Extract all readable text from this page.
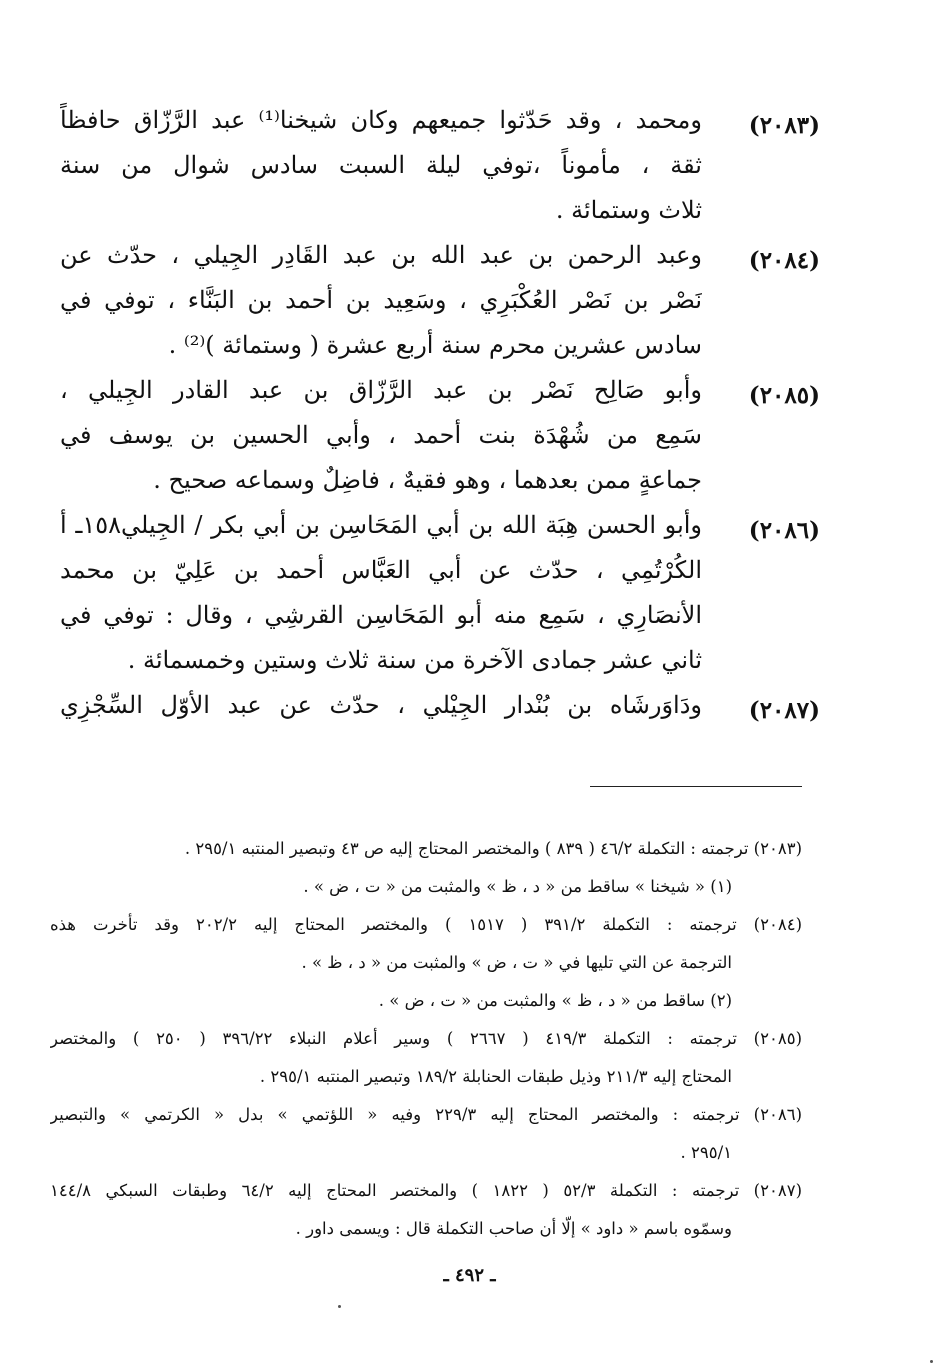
(٢٠٨٣)
ومحمد ، وقد حَدّثوا جميعهم وكان شيخنا⁽¹⁾ عبد الرَّزّاق حافظاً
ثقة ، مأموناً ،توفي ليلة السبت سادس شوال من سنة
ثلاث وستمائة .
(٢٠٨٤)
وعبد الرحمن بن عبد الله بن عبد القَادِر الجِيلي ، حدّث عن
نَصْر بن نَصْر العُكْبَرِي ، وسَعِيد بن أحمد بن البَنَّاء ، توفي في
سادس عشرين محرم سنة أربع عشرة ( وستمائة )⁽²⁾ .
(٢٠٨٥)
وأبو صَالِح نَصْر بن عبد الرَّزّاق بن عبد القادر الجِيلي ،
سَمِع من شُهْدَة بنت أحمد ، وأبي الحسين بن يوسف في
جماعةٍ ممن بعدهما ، وهو فقيهٌ ، فاضِلٌ وسماعه صحيح .
(٢٠٨٦)
وأبو الحسن هِبَة الله بن أبي المَحَاسِن بن أبي بكر / الجِيلي١٥٨ـ أ
الكُرْتُمِي ، حدّث عن أبي العَبَّاس أحمد بن عَلِيّ بن محمد
الأنصَارِي ، سَمِع منه أبو المَحَاسِن القرشِي ، وقال : توفي في
ثاني عشر جمادى الآخرة من سنة ثلاث وستين وخمسمائة .
(٢٠٨٧)
ودَاوَرشَاه بن بُنْدار الجِيْلي ، حدّث عن عبد الأوّل السِّجْزِي
(٢٠٨٣) ترجمته : التكملة ٤٦/٢ ( ٨٣٩ ) والمختصر المحتاج إليه ص ٤٣ وتبصير المنتبه ٢٩٥/١ .
(١) « شيخنا » ساقط من « د ، ظ » والمثبت من « ت ، ض » .
(٢٠٨٤) ترجمته : التكملة ٣٩١/٢ ( ١٥١٧ ) والمختصر المحتاج إليه ٢٠٢/٢ وقد تأخرت هذه
الترجمة عن التي تليها في « ت ، ض » والمثبت من « د ، ظ » .
(٢) ساقط من « د ، ظ » والمثبت من « ت ، ض » .
(٢٠٨٥) ترجمته : التكملة ٤١٩/٣ ( ٢٦٦٧ ) وسير أعلام النبلاء ٣٩٦/٢٢ ( ٢٥٠ ) والمختصر
المحتاج إليه ٢١١/٣ وذيل طبقات الحنابلة ١٨٩/٢ وتبصير المنتبه ٢٩٥/١ .
(٢٠٨٦) ترجمته : والمختصر المحتاج إليه ٢٢٩/٣ وفيه « اللؤتمي » بدل « الكرتمي » والتبصير
٢٩٥/١ .
(٢٠٨٧) ترجمته : التكملة ٥٢/٣ ( ١٨٢٢ ) والمختصر المحتاج إليه ٦٤/٢ وطبقات السبكي ١٤٤/٨
وسمّوه باسم « داود » إلّا أن صاحب التكملة قال : ويسمى داور .
ـ ٤٩٢ ـ
